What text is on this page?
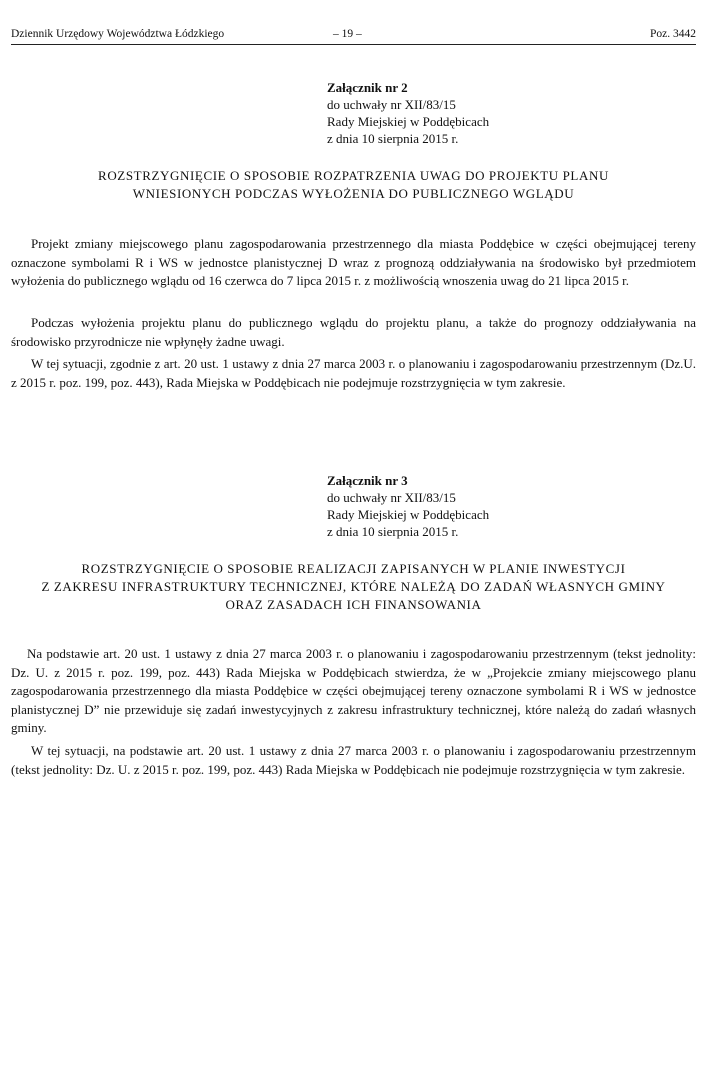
Dziennik Urzędowy Województwa Łódzkiego	– 19 –	Poz. 3442
Załącznik nr 2
do uchwały nr XII/83/15
Rady Miejskiej w Poddębicach
z dnia 10 sierpnia 2015 r.
ROZSTRZYGNIĘCIE O SPOSOBIE ROZPATRZENIA UWAG DO PROJEKTU PLANU
WNIESIONYCH PODCZAS WYŁOŻENIA DO PUBLICZNEGO WGLĄDU

Projekt zmiany miejscowego planu zagospodarowania przestrzennego dla miasta Poddębice w części obejmującej tereny oznaczone symbolami R i WS w jednostce planistycznej D wraz z prognozą oddziaływania na środowisko był przedmiotem wyłożenia do publicznego wglądu od 16 czerwca do 7 lipca 2015 r. z możliwością wnoszenia uwag do 21 lipca 2015 r.

Podczas wyłożenia projektu planu do publicznego wglądu do projektu planu, a także do prognozy oddziaływania na środowisko przyrodnicze nie wpłynęły żadne uwagi.

W tej sytuacji, zgodnie z art. 20 ust. 1 ustawy z dnia 27 marca 2003 r. o planowaniu i zagospodarowaniu przestrzennym (Dz.U. z 2015 r. poz. 199, poz. 443), Rada Miejska w Poddębicach nie podejmuje rozstrzygnięcia w tym zakresie.

Załącznik nr 3
do uchwały nr XII/83/15
Rady Miejskiej w Poddębicach
z dnia 10 sierpnia 2015 r.
ROZSTRZYGNIĘCIE O SPOSOBIE REALIZACJI ZAPISANYCH W PLANIE INWESTYCJI
Z ZAKRESU INFRASTRUKTURY TECHNICZNEJ, KTÓRE NALEŻĄ DO ZADAŃ WŁASNYCH GMINY
ORAZ ZASADACH ICH FINANSOWANIA

Na podstawie art. 20 ust. 1 ustawy z dnia 27 marca 2003 r. o planowaniu i zagospodarowaniu przestrzennym (tekst jednolity: Dz. U. z 2015 r. poz. 199, poz. 443) Rada Miejska w Poddębicach stwierdza, że w „Projekcie zmiany miejscowego planu zagospodarowania przestrzennego dla miasta Poddębice w części obejmującej tereny oznaczone symbolami R i WS w jednostce planistycznej D” nie przewiduje się zadań inwestycyjnych z zakresu infrastruktury technicznej, które należą do zadań własnych gminy.

W tej sytuacji, na podstawie art. 20 ust. 1 ustawy z dnia 27 marca 2003 r. o planowaniu i zagospodarowaniu przestrzennym (tekst jednolity: Dz. U. z 2015 r. poz. 199, poz. 443) Rada Miejska w Poddębicach nie podejmuje rozstrzygnięcia w tym zakresie.
